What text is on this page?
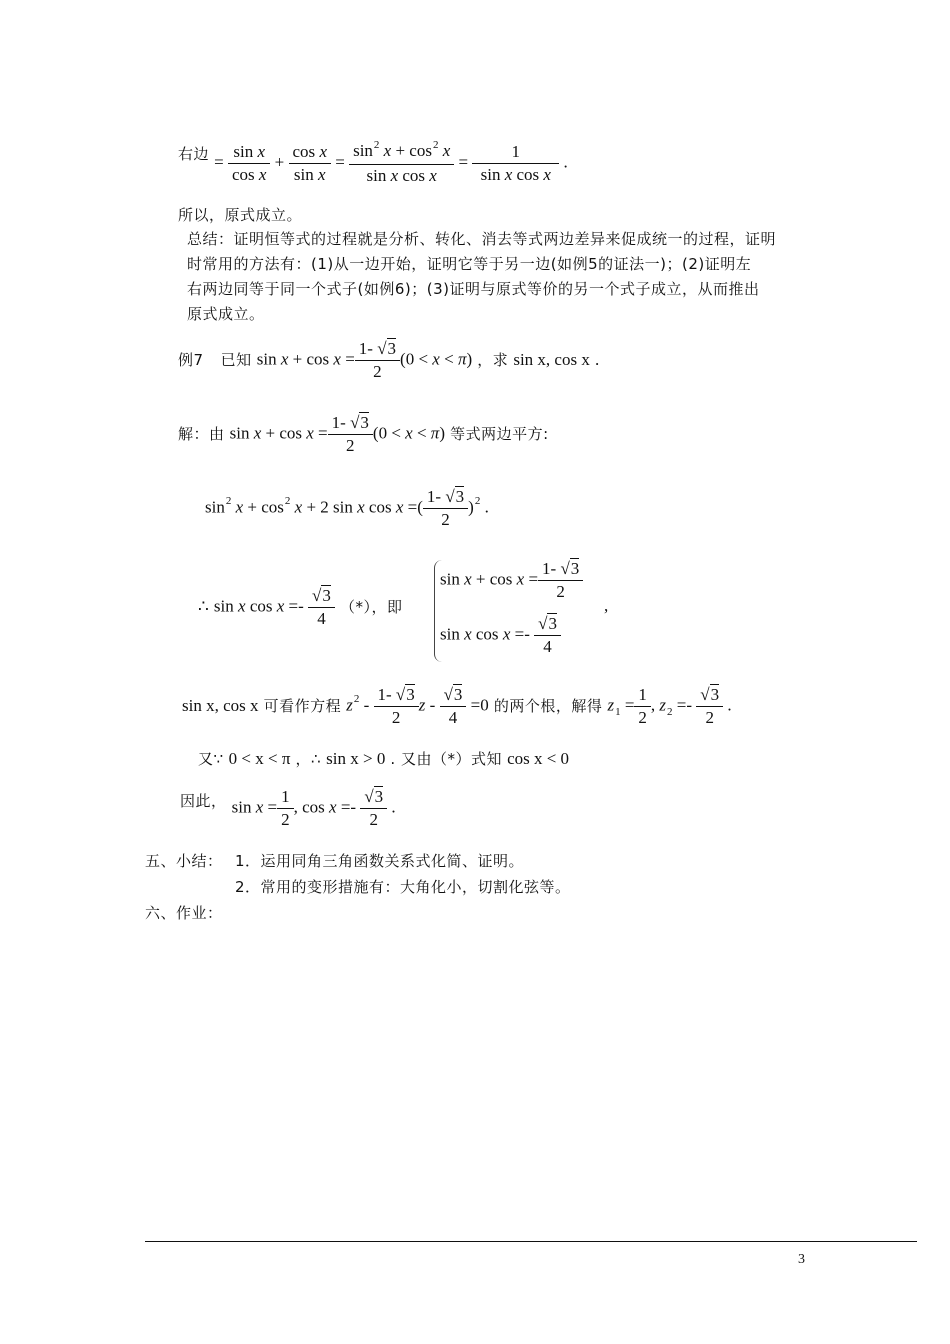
右边 = $\frac{\text{sin x}}{\text{cos x}} + \frac{\text{cos x}}{\text{sin x}} = \frac{\sin^2 x + \cos^2 x}{\text{sin x cos x}} = \frac{1}{\text{sin x cos x}}$ .
所以，原式成立。
总结：证明恒等式的过程就是分析、转化、消去等式两边差异来促成统一的过程，证明
时常用的方法有：(1)从一边开始，证明它等于另一边(如例5的证法一)；(2)证明左
右两边同等于同一个式子(如例6)；(3)证明与原式等价的另一个式子成立，从而推出
原式成立。
例7 已知 $\sin x + \cos x = \frac{1- √3}{2} (0 < x < \pi)$ ，求 sin x, cos x .
解：由 $\sin x + \cos x = \frac{1- √3}{2} (0 < x < \pi)$ 等式两边平方:
$\sin^2 x + \cos^2 x + 2$ sin x cos x =( $\frac{1- √3}{2} )^2$ .
∴ sin x $\cos x =- \frac{√3}{4}$ （*），即
$\sin x + \cos x = \frac{1- √3}{2}$
,
sin x $\cos x =- \frac{√3}{4}$
sin x, cos x 可看作方程 $z^2 - \frac{1- √3}{2}$ $z - \frac{√3}{4} =0$ 的两个根，解得 $z_1 = \frac{1}{2}$ , $z_2 =- \frac{√3}{2}$ .
又∵ 0 < x < π ，∴ sin x > 0 . 又由（*）式知 cos x < 0
因此， $\sin x = \frac{1}{2}$ , $\cos x =- \frac{√3}{2}$ .
五、小结： 1．运用同角三角函数关系式化简、证明。
2．常用的变形措施有：大角化小，切割化弦等。
六、作业：
3
